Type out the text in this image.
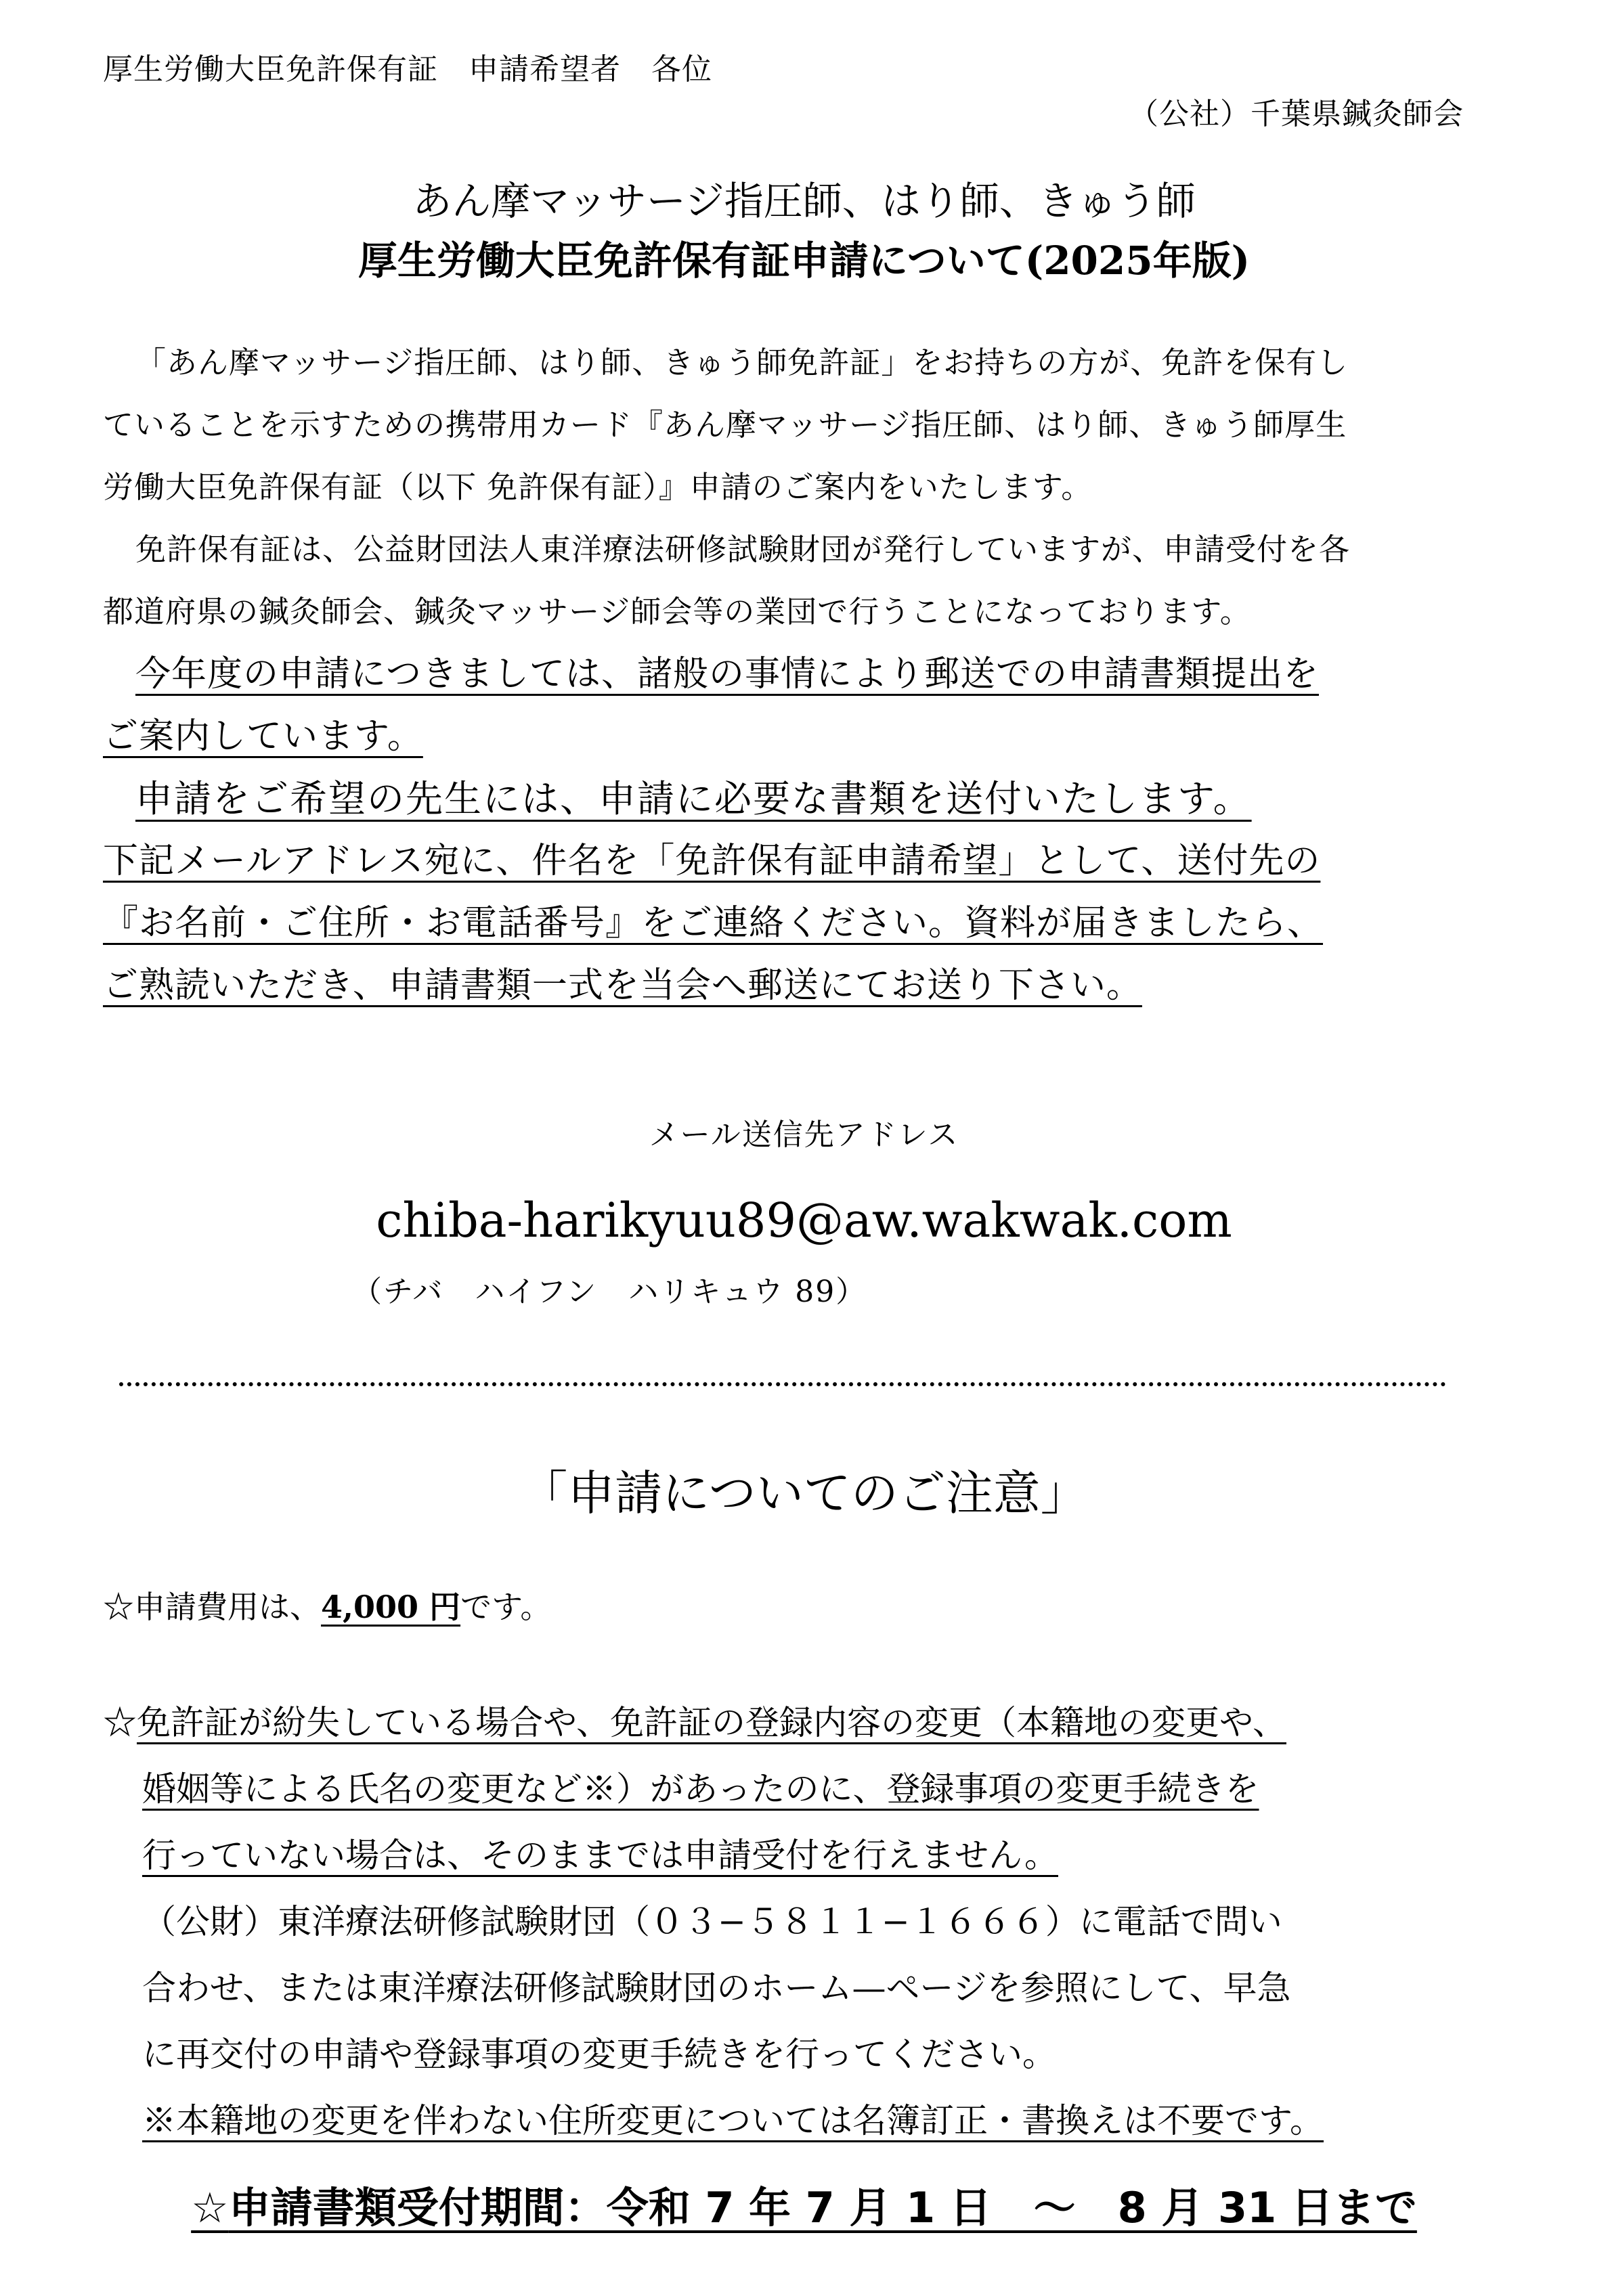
厚生労働大臣免許保有証　申請希望者　各位
（公社）千葉県鍼灸師会
あん摩マッサージ指圧師、はり師、きゅう師
厚生労働大臣免許保有証申請について(2025年版)

「あん摩マッサージ指圧師、はり師、きゅう師免許証」をお持ちの方が、免許を保有し

ていることを示すための携帯用カード『あん摩マッサージ指圧師、はり師、きゅう師厚生

労働大臣免許保有証（以下 免許保有証）』申請のご案内をいたします。

免許保有証は、公益財団法人東洋療法研修試験財団が発行していますが、申請受付を各

都道府県の鍼灸師会、鍼灸マッサージ師会等の業団で行うことになっております。

今年度の申請につきましては、諸般の事情により郵送での申請書類提出を

ご案内しています。

申請をご希望の先生には、申請に必要な書類を送付いたします。

下記メールアドレス宛に、件名を「免許保有証申請希望」として、送付先の

『お名前・ご住所・お電話番号』をご連絡ください。資料が届きましたら、

ご熟読いただき、申請書類一式を当会へ郵送にてお送り下さい。

メール送信先アドレス
chiba-harikyuu89@aw.wakwak.com
（チバ　ハイフン　ハリキュウ 89）
「申請についてのご注意」
☆申請費用は、4,000 円です。

☆免許証が紛失している場合や、免許証の登録内容の変更（本籍地の変更や、

婚姻等による氏名の変更など※）があったのに、登録事項の変更手続きを

行っていない場合は、そのままでは申請受付を行えません。

（公財）東洋療法研修試験財団（０３−５８１１−１６６６）に電話で問い

合わせ、または東洋療法研修試験財団のホーム—ページを参照にして、早急

に再交付の申請や登録事項の変更手続きを行ってください。

※本籍地の変更を伴わない住所変更については名簿訂正・書換えは不要です。

☆申請書類受付期間：令和 7 年 7 月 1 日　～　8 月 31 日まで
